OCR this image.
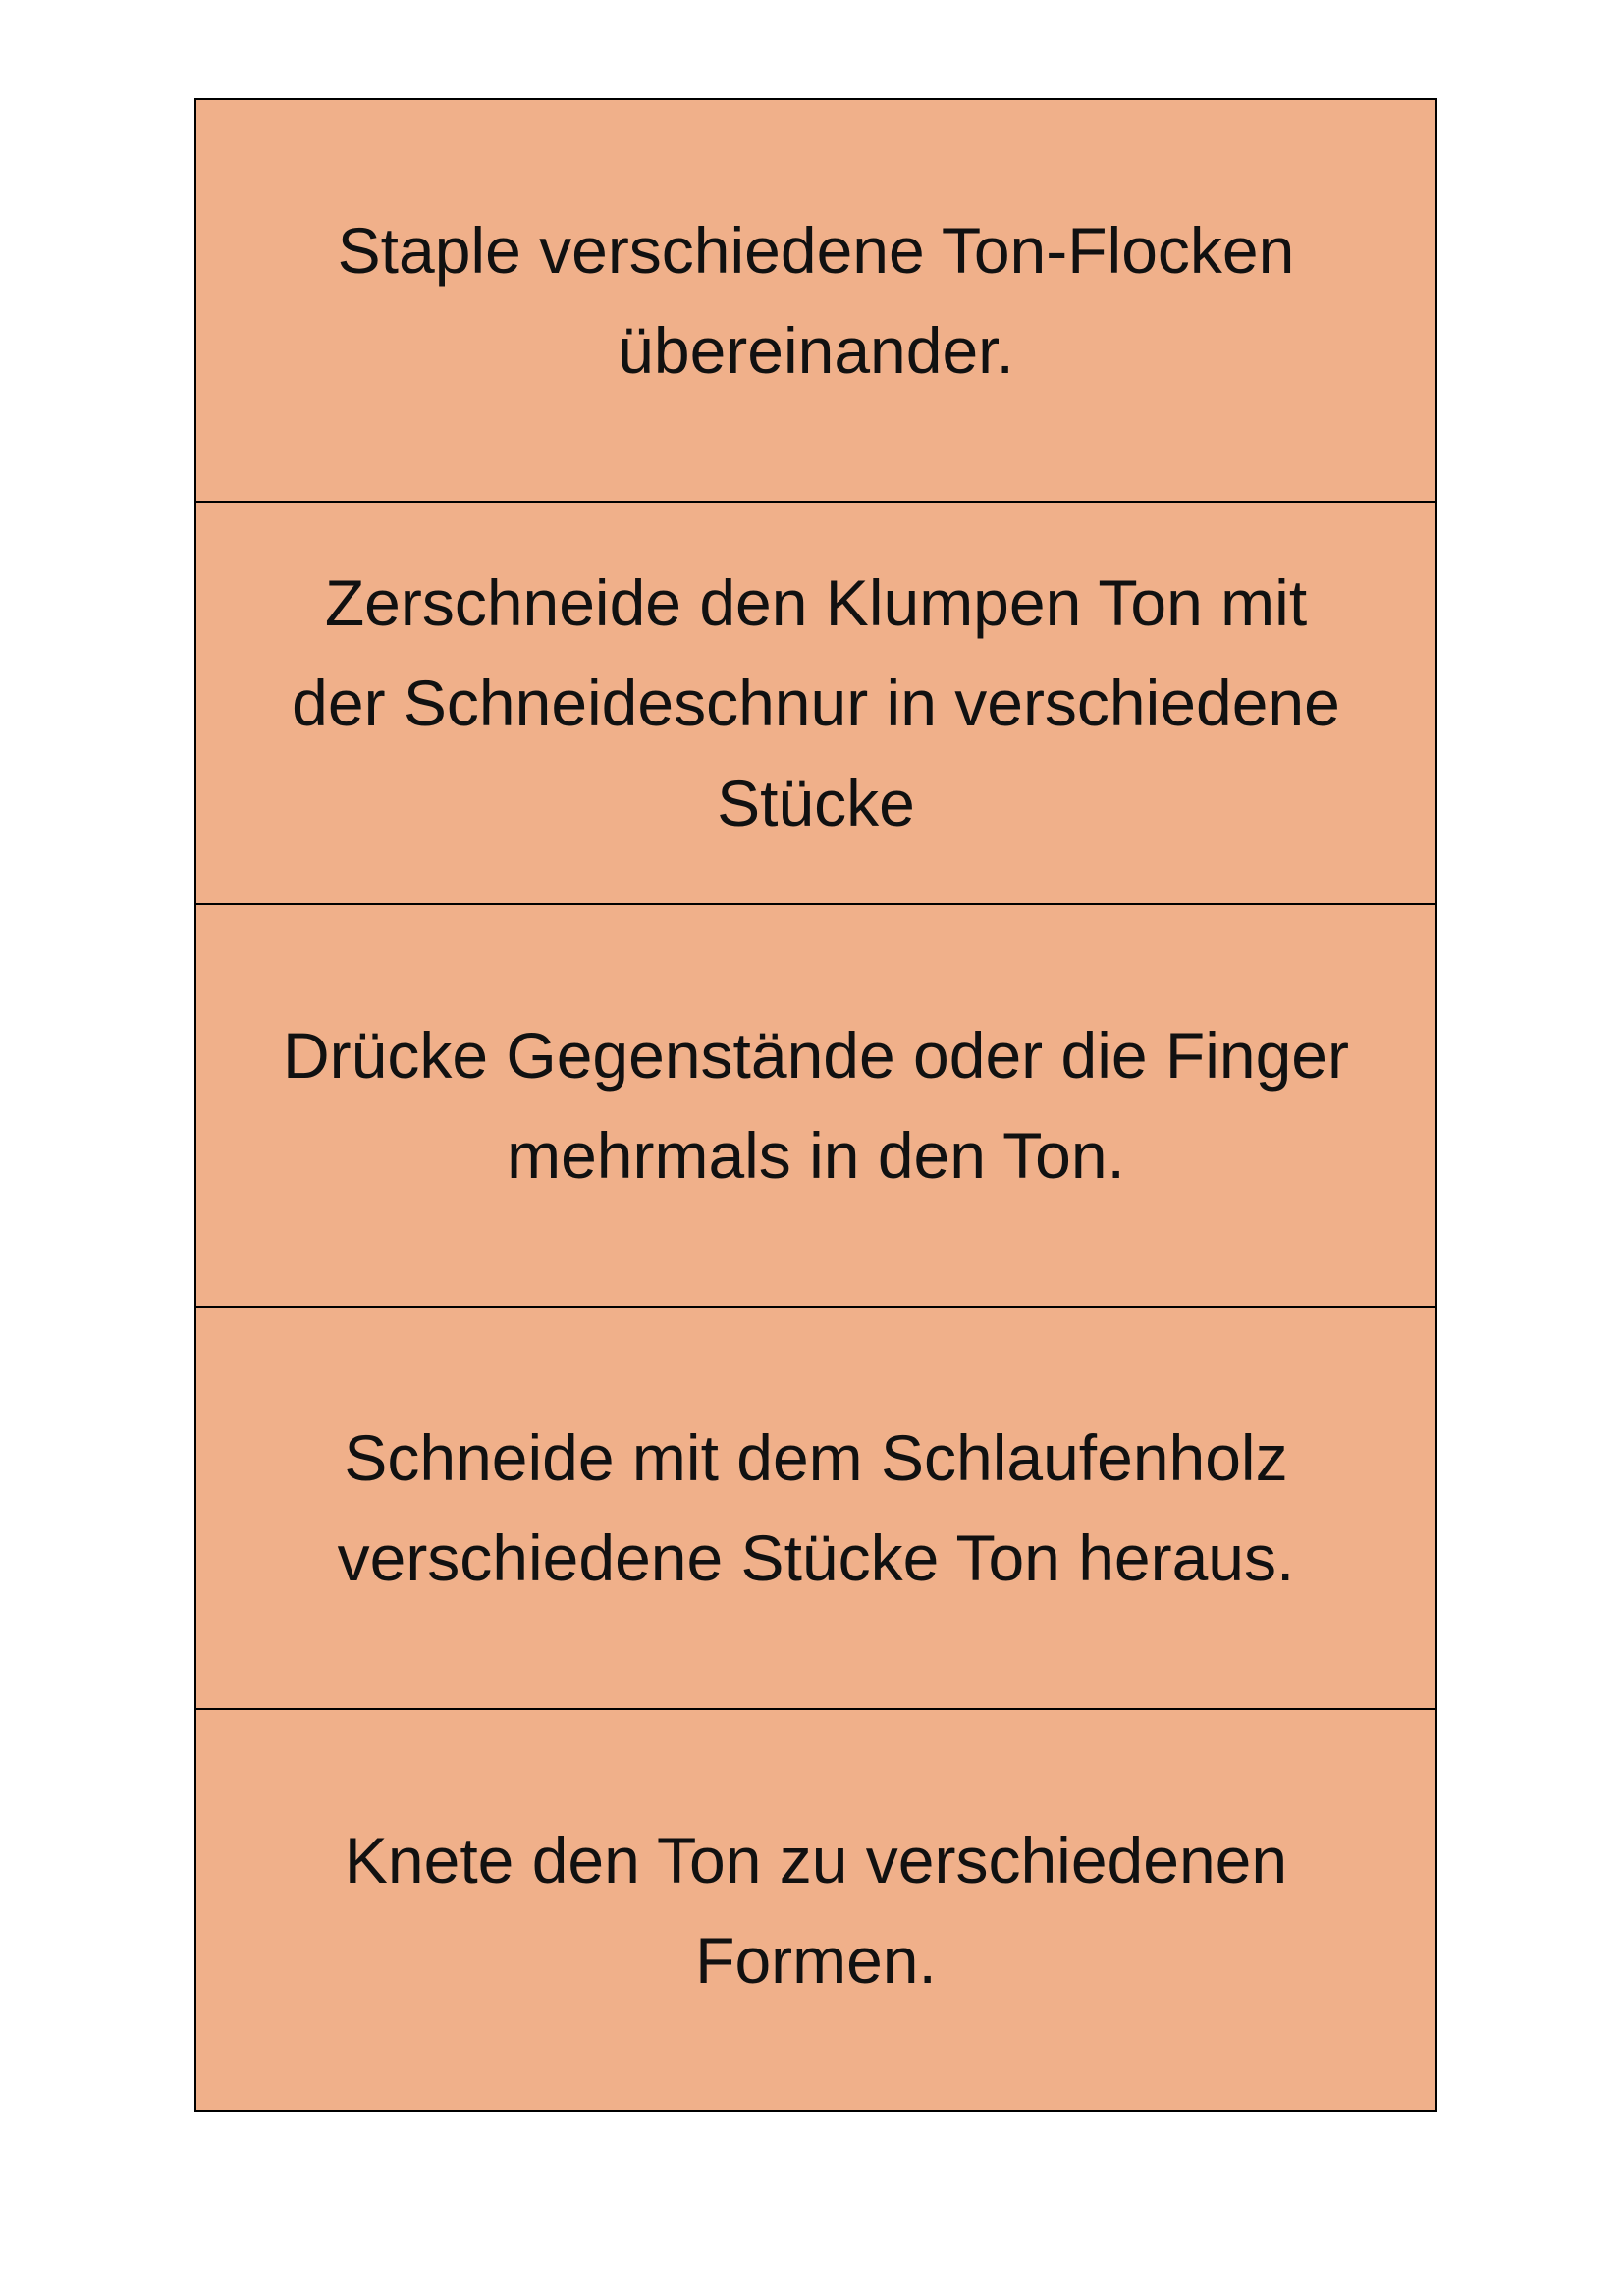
Staple verschiedene Ton-Flocken
übereinander.
Zerschneide den Klumpen Ton mit
der Schneideschnur in verschiedene
Stücke
Drücke Gegenstände oder die Finger
mehrmals in den Ton.
Schneide mit dem Schlaufenholz
verschiedene Stücke Ton heraus.
Knete den Ton zu verschiedenen
Formen.
